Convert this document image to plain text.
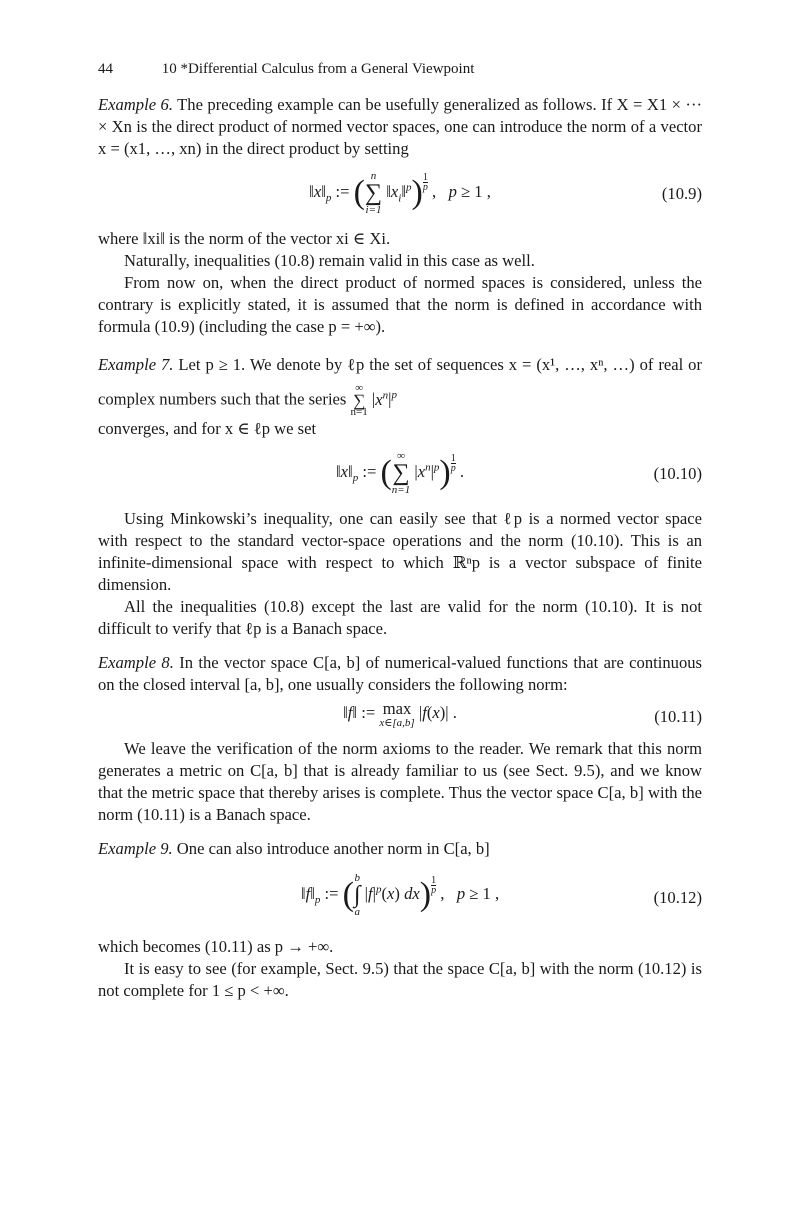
44	10 *Differential Calculus from a General Viewpoint

Example 6. The preceding example can be usefully generalized as follows. If X = X1 × ··· × Xn is the direct product of normed vector spaces, one can introduce the norm of a vector x = (x1, …, xn) in the direct product by setting

$‖x‖_p$ := ( n
∑
i=1
$‖x_i‖^p) \frac{1}{p}$ ,   p ≥ 1 ,	(10.9)

where ‖xi‖ is the norm of the vector xi ∈ Xi.

Naturally, inequalities (10.8) remain valid in this case as well.

From now on, when the direct product of normed spaces is considered, unless the contrary is explicitly stated, it is assumed that the norm is defined in accordance with formula (10.9) (including the case p = +∞).

Example 7. Let p ≥ 1. We denote by ℓp the set of sequences x = (x¹, …, xⁿ, …) of real or complex numbers such that the series ∞
∑
n=1 $|x^n|^p$

converges, and for x ∈ ℓp we set

$‖x‖_p$ := ( ∞
∑
n=1
$|x^n|^p) \frac{1}{p}$ .	(10.10)

Using Minkowski’s inequality, one can easily see that ℓp is a normed vector space with respect to the standard vector-space operations and the norm (10.10). This is an infinite-dimensional space with respect to which ℝⁿp is a vector subspace of finite dimension.

All the inequalities (10.8) except the last are valid for the norm (10.10). It is not difficult to verify that ℓp is a Banach space.

Example 8. In the vector space C[a, b] of numerical-valued functions that are continuous on the closed interval [a, b], one usually considers the following norm:

‖f‖ := max
x∈[a,b]
|f(x)| .	(10.11)

We leave the verification of the norm axioms to the reader. We remark that this norm generates a metric on C[a, b] that is already familiar to us (see Sect. 9.5), and we know that the metric space that thereby arises is complete. Thus the vector space C[a, b] with the norm (10.11) is a Banach space.

Example 9. One can also introduce another norm in C[a, b]

$‖f‖_p$ := ( b
∫
a
$|f|^p(x)$ $dx) \frac{1}{p}$ ,   p ≥ 1 ,	(10.12)

which becomes (10.11) as p → +∞.

It is easy to see (for example, Sect. 9.5) that the space C[a, b] with the norm (10.12) is not complete for 1 ≤ p < +∞.
